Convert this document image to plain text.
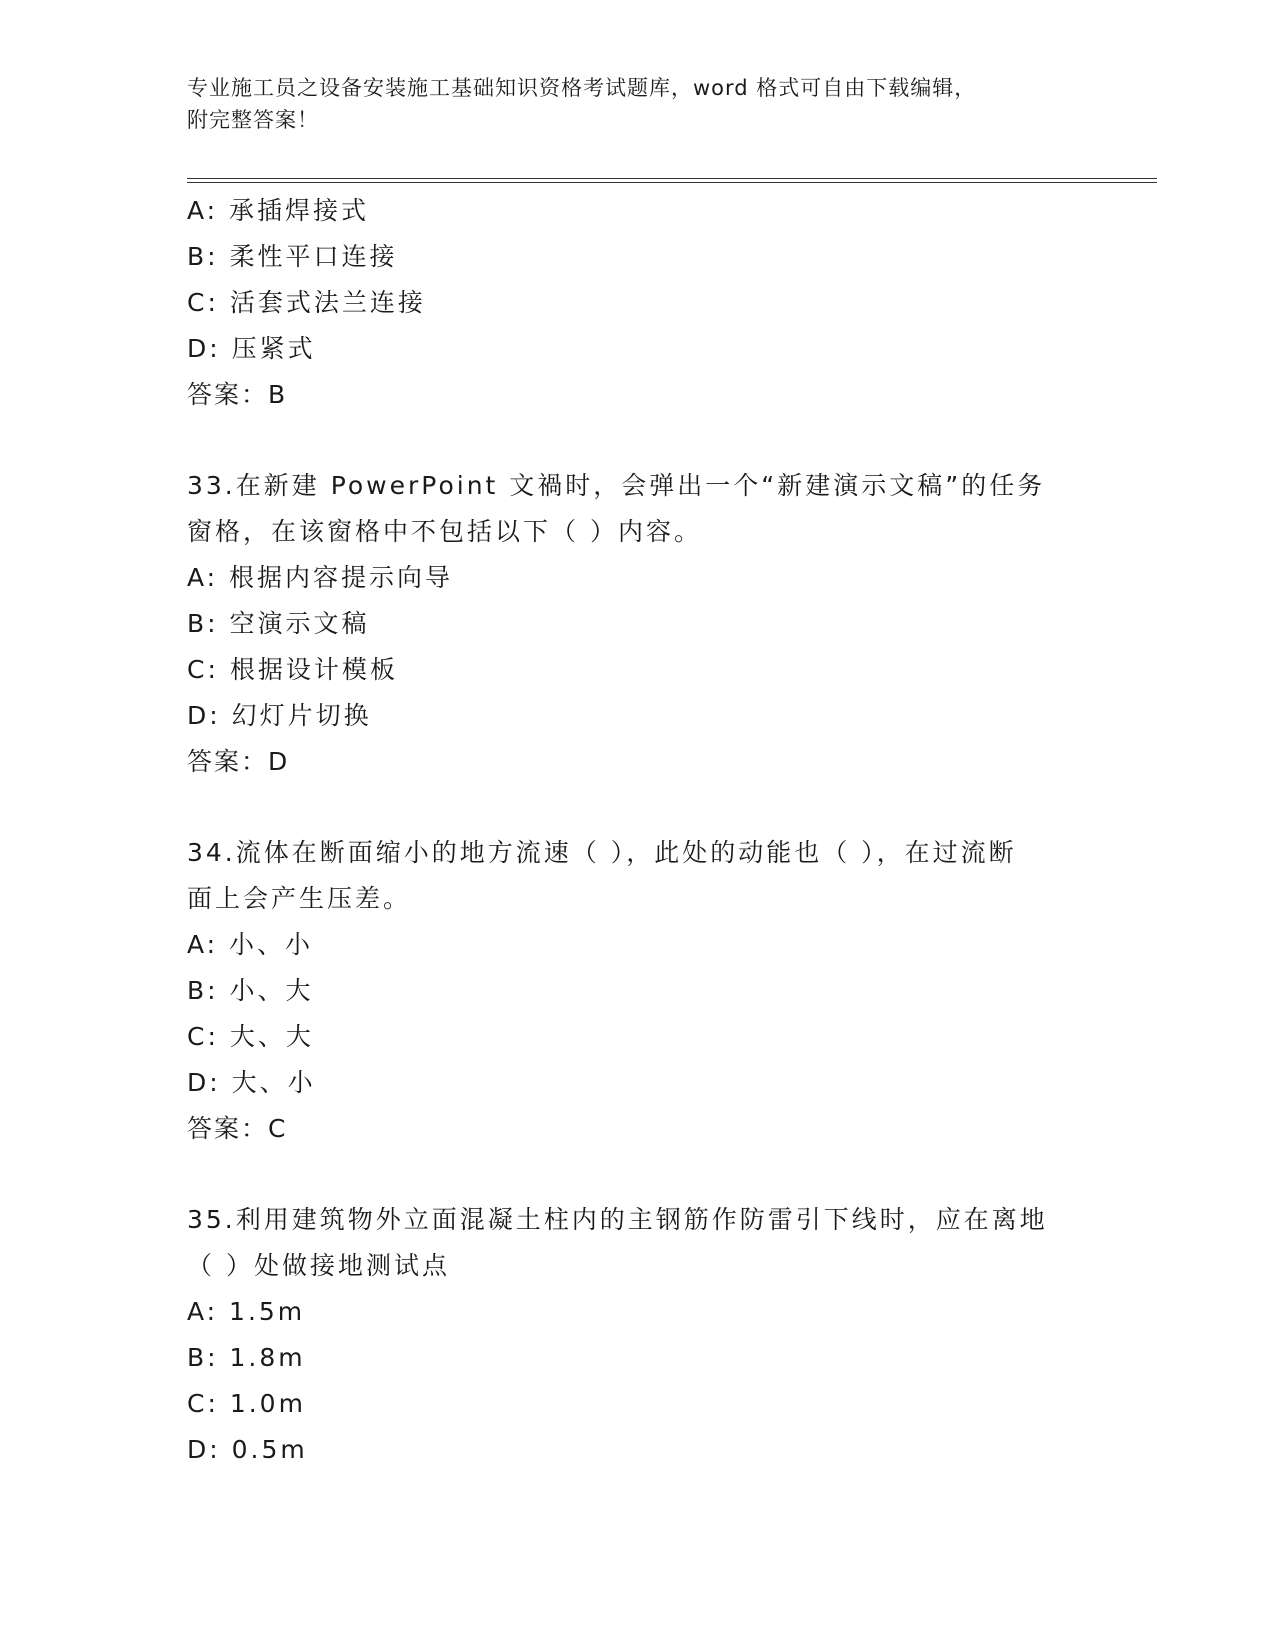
专业施工员之设备安装施工基础知识资格考试题库，word 格式可自由下载编辑，
附完整答案！
A: 承插焊接式
B: 柔性平口连接
C: 活套式法兰连接
D: 压紧式
答案：B
33.在新建 PowerPoint 文禍时，会弹出一个“新建演示文稿”的任务
窗格，在该窗格中不包括以下（ ）内容。
A: 根据内容提示向导
B: 空演示文稿
C: 根据设计模板
D: 幻灯片切换
答案：D
34.流体在断面缩小的地方流速（ ），此处的动能也（ ），在过流断
面上会产生压差。
A: 小、小
B: 小、大
C: 大、大
D: 大、小
答案：C
35.利用建筑物外立面混凝土柱内的主钢筋作防雷引下线时，应在离地
（ ）处做接地测试点
A: 1.5m
B: 1.8m
C: 1.0m
D: 0.5m
